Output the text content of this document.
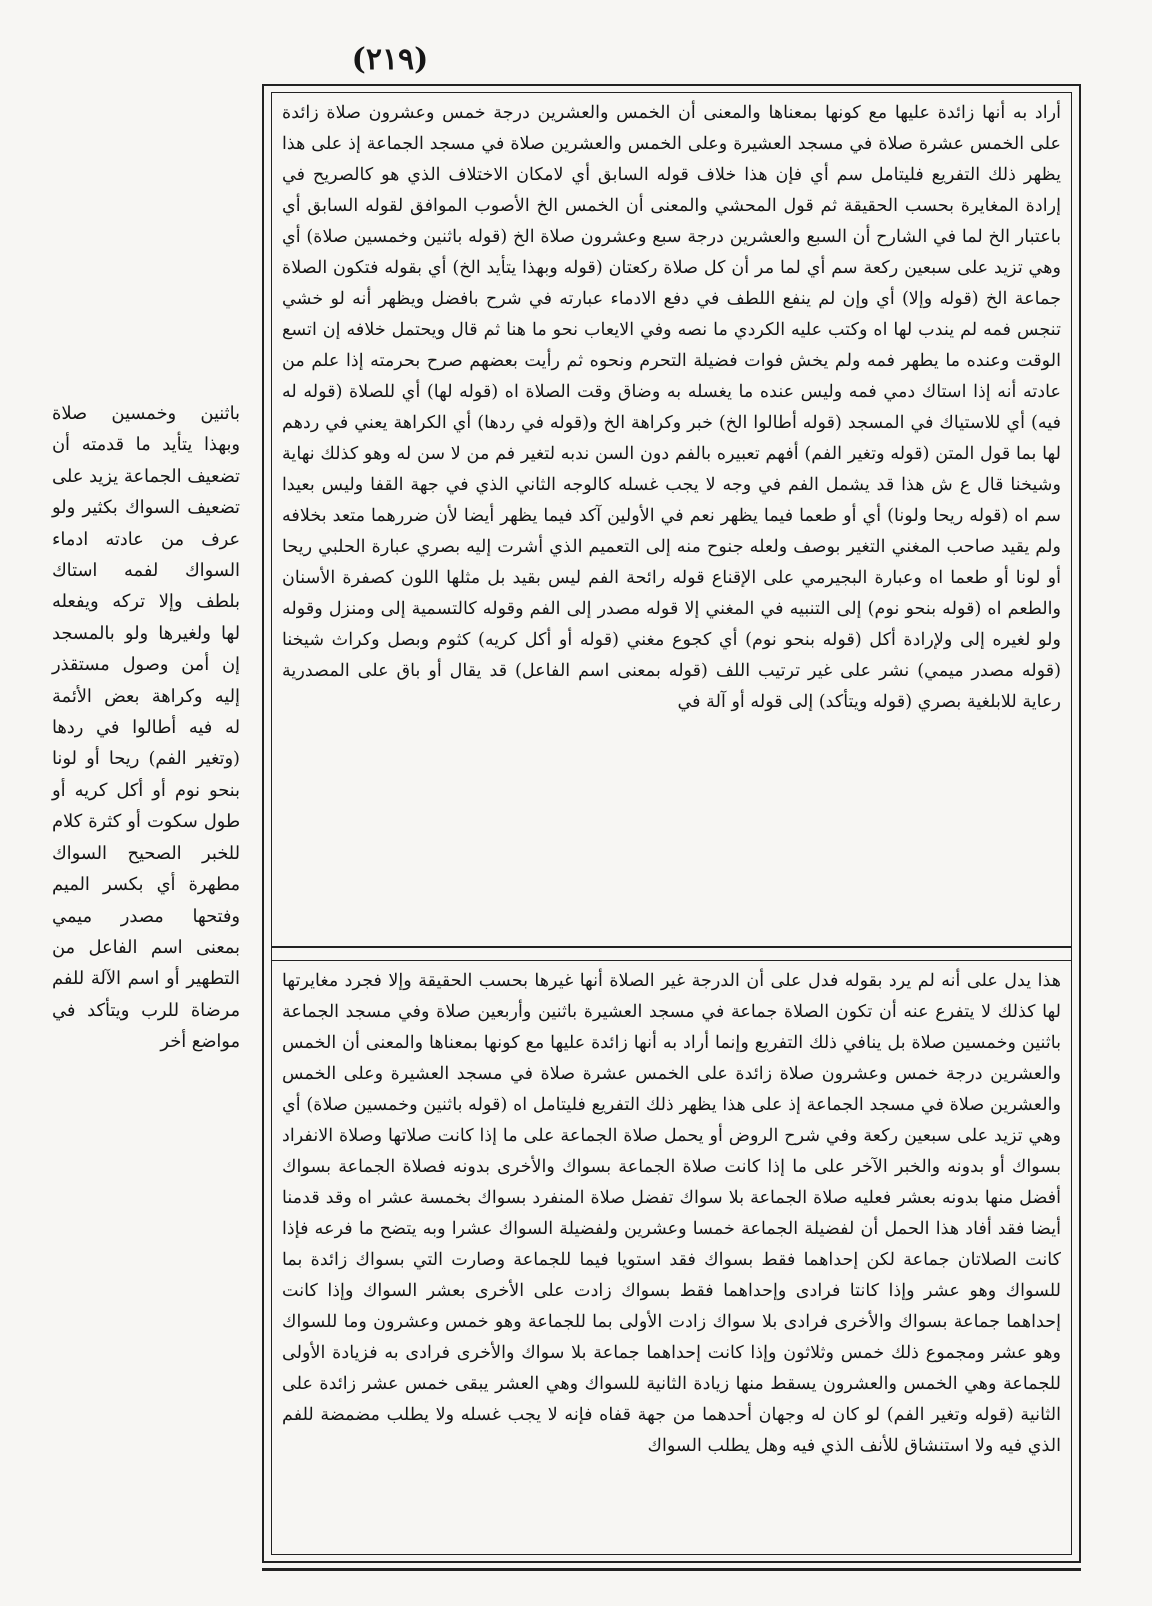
(٢١٩)

أراد به أنها زائدة عليها مع كونها بمعناها والمعنى أن الخمس والعشرين درجة خمس وعشرون صلاة زائدة على الخمس عشرة صلاة في مسجد العشيرة وعلى الخمس والعشرين صلاة في مسجد الجماعة إذ على هذا يظهر ذلك التفريع فليتامل سم أي فإن هذا خلاف قوله السابق أي لامكان الاختلاف الذي هو كالصريح في إرادة المغايرة بحسب الحقيقة ثم قول المحشي والمعنى أن الخمس الخ الأصوب الموافق لقوله السابق أي باعتبار الخ لما في الشارح أن السبع والعشرين درجة سبع وعشرون صلاة الخ (قوله باثنين وخمسين صلاة) أي وهي تزيد على سبعين ركعة سم أي لما مر أن كل صلاة ركعتان (قوله وبهذا يتأيد الخ) أي بقوله فتكون الصلاة جماعة الخ (قوله وإلا) أي وإن لم ينفع اللطف في دفع الادماء عبارته في شرح بافضل ويظهر أنه لو خشي تنجس فمه لم يندب لها اه وكتب عليه الكردي ما نصه وفي الايعاب نحو ما هنا ثم قال ويحتمل خلافه إن اتسع الوقت وعنده ما يطهر فمه ولم يخش فوات فضيلة التحرم ونحوه ثم رأيت بعضهم صرح بحرمته إذا علم من عادته أنه إذا استاك دمي فمه وليس عنده ما يغسله به وضاق وقت الصلاة اه (قوله لها) أي للصلاة (قوله له فيه) أي للاستياك في المسجد (قوله أطالوا الخ) خبر وكراهة الخ و(قوله في ردها) أي الكراهة يعني في ردهم لها بما قول المتن (قوله وتغير الفم) أفهم تعبيره بالفم دون السن ندبه لتغير فم من لا سن له وهو كذلك نهاية وشيخنا قال ع ش هذا قد يشمل الفم في وجه لا يجب غسله كالوجه الثاني الذي في جهة القفا وليس بعيدا سم اه (قوله ريحا ولونا) أي أو طعما فيما يظهر نعم في الأولين آكد فيما يظهر أيضا لأن ضررهما متعد بخلافه ولم يقيد صاحب المغني التغير بوصف ولعله جنوح منه إلى التعميم الذي أشرت إليه بصري عبارة الحلبي ريحا أو لونا أو طعما اه وعبارة البجيرمي على الإقناع قوله رائحة الفم ليس بقيد بل مثلها اللون كصفرة الأسنان والطعم اه (قوله بنحو نوم) إلى التنبيه في المغني إلا قوله مصدر إلى الفم وقوله كالتسمية إلى ومنزل وقوله ولو لغيره إلى ولإرادة أكل (قوله بنحو نوم) أي كجوع مغني (قوله أو أكل كريه) كثوم وبصل وكراث شيخنا (قوله مصدر ميمي) نشر على غير ترتيب اللف (قوله بمعنى اسم الفاعل) قد يقال أو باق على المصدرية رعاية للابلغية بصري (قوله ويتأكد) إلى قوله أو آلة في

هذا يدل على أنه لم يرد بقوله فدل على أن الدرجة غير الصلاة أنها غيرها بحسب الحقيقة وإلا فجرد مغايرتها لها كذلك لا يتفرع عنه أن تكون الصلاة جماعة في مسجد العشيرة باثنين وأربعين صلاة وفي مسجد الجماعة باثنين وخمسين صلاة بل ينافي ذلك التفريع وإنما أراد به أنها زائدة عليها مع كونها بمعناها والمعنى أن الخمس والعشرين درجة خمس وعشرون صلاة زائدة على الخمس عشرة صلاة في مسجد العشيرة وعلى الخمس والعشرين صلاة في مسجد الجماعة إذ على هذا يظهر ذلك التفريع فليتامل اه (قوله باثنين وخمسين صلاة) أي وهي تزيد على سبعين ركعة وفي شرح الروض أو يحمل صلاة الجماعة على ما إذا كانت صلاتها وصلاة الانفراد بسواك أو بدونه والخبر الآخر على ما إذا كانت صلاة الجماعة بسواك والأخرى بدونه فصلاة الجماعة بسواك أفضل منها بدونه بعشر فعليه صلاة الجماعة بلا سواك تفضل صلاة المنفرد بسواك بخمسة عشر اه وقد قدمنا أيضا فقد أفاد هذا الحمل أن لفضيلة الجماعة خمسا وعشرين ولفضيلة السواك عشرا وبه يتضح ما فرعه فإذا كانت الصلاتان جماعة لكن إحداهما فقط بسواك فقد استويا فيما للجماعة وصارت التي بسواك زائدة بما للسواك وهو عشر وإذا كانتا فرادى وإحداهما فقط بسواك زادت على الأخرى بعشر السواك وإذا كانت إحداهما جماعة بسواك والأخرى فرادى بلا سواك زادت الأولى بما للجماعة وهو خمس وعشرون وما للسواك وهو عشر ومجموع ذلك خمس وثلاثون وإذا كانت إحداهما جماعة بلا سواك والأخرى فرادى به فزيادة الأولى للجماعة وهي الخمس والعشرون يسقط منها زيادة الثانية للسواك وهي العشر يبقى خمس عشر زائدة على الثانية (قوله وتغير الفم) لو كان له وجهان أحدهما من جهة قفاه فإنه لا يجب غسله ولا يطلب مضمضة للفم الذي فيه ولا استنشاق للأنف الذي فيه وهل يطلب السواك

باثنين وخمسين صلاة وبهذا يتأيد ما قدمته أن تضعيف الجماعة يزيد على تضعيف السواك بكثير ولو عرف من عادته ادماء السواك لفمه استاك بلطف وإلا تركه ويفعله لها ولغيرها ولو بالمسجد إن أمن وصول مستقذر إليه وكراهة بعض الأئمة له فيه أطالوا في ردها (وتغير الفم) ريحا أو لونا بنحو نوم أو أكل كريه أو طول سكوت أو كثرة كلام للخبر الصحيح السواك مطهرة أي بكسر الميم وفتحها مصدر ميمي بمعنى اسم الفاعل من التطهير أو اسم الآلة للفم مرضاة للرب ويتأكد في مواضع أخر
